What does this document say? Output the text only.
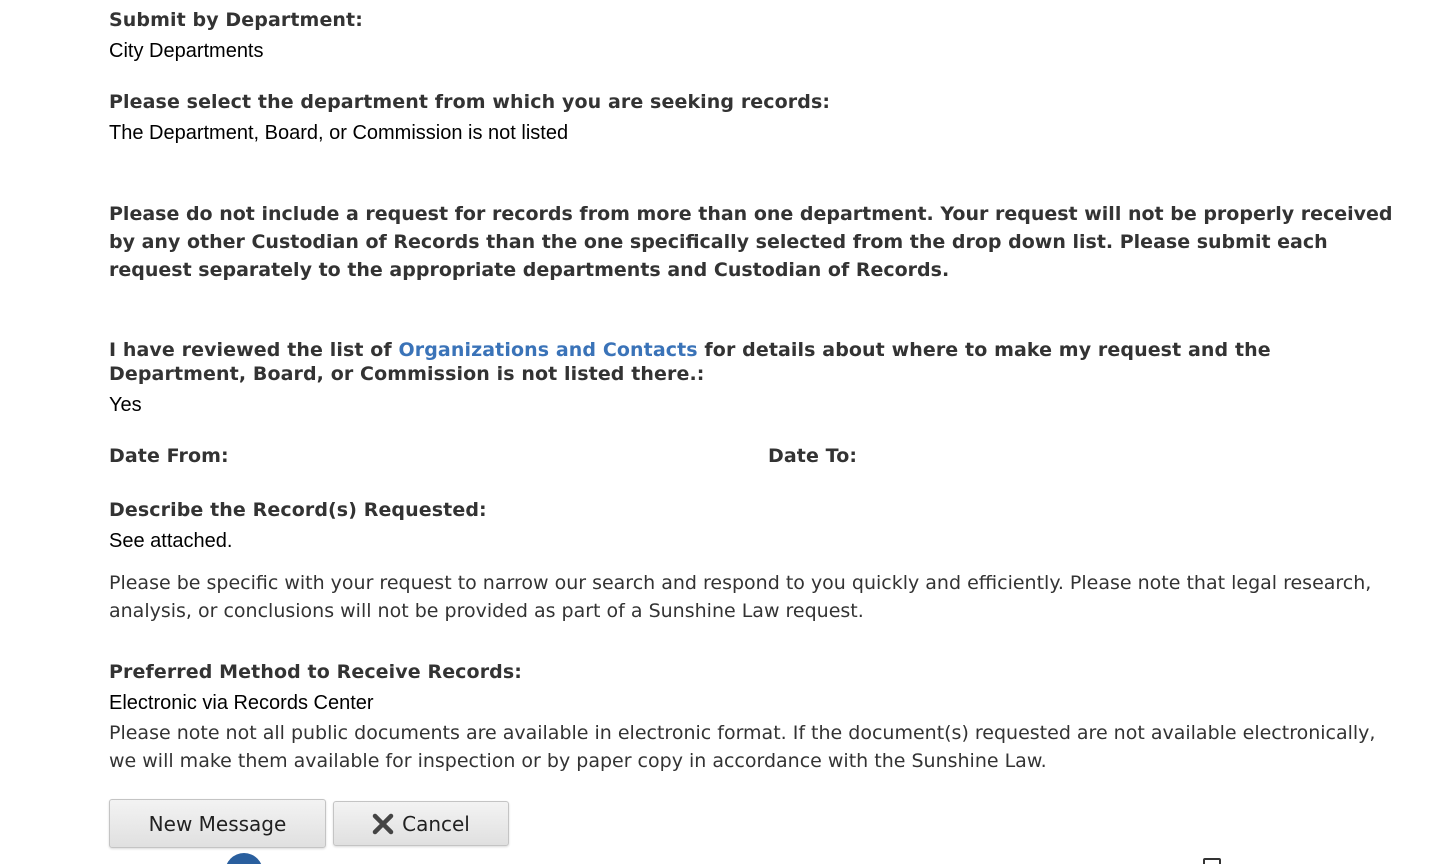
Submit by Department:
City Departments
Please select the department from which you are seeking records:
The Department, Board, or Commission is not listed
Please do not include a request for records from more than one department. Your request will not be properly received by any other Custodian of Records than the one specifically selected from the drop down list. Please submit each request separately to the appropriate departments and Custodian of Records.
I have reviewed the list of Organizations and Contacts for details about where to make my request and the Department, Board, or Commission is not listed there.:
Yes
Date From:	Date To:
Describe the Record(s) Requested:
See attached.
Please be specific with your request to narrow our search and respond to you quickly and efficiently. Please note that legal research, analysis, or conclusions will not be provided as part of a Sunshine Law request.
Preferred Method to Receive Records:
Electronic via Records Center
Please note not all public documents are available in electronic format. If the document(s) requested are not available electronically, we will make them available for inspection or by paper copy in accordance with the Sunshine Law.
New Message	Cancel
